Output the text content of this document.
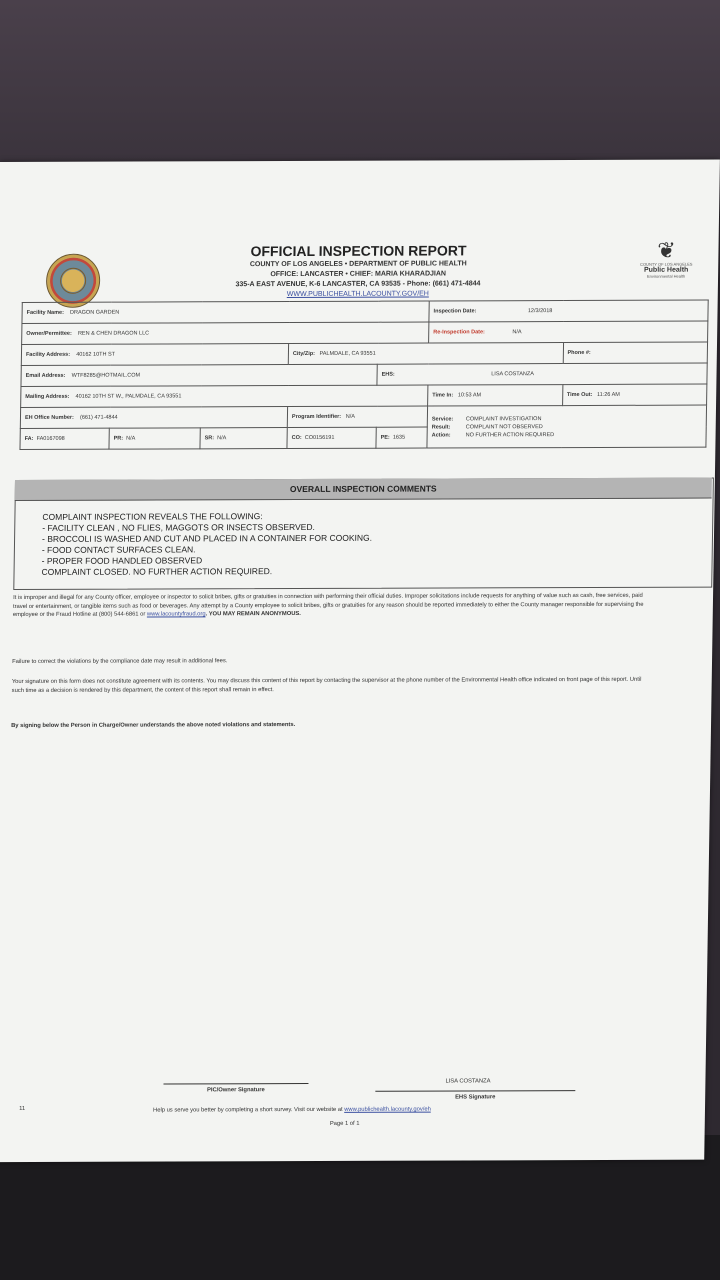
OFFICIAL INSPECTION REPORT
COUNTY OF LOS ANGELES • DEPARTMENT OF PUBLIC HEALTH
OFFICE: LANCASTER • CHIEF: MARIA KHARADJIAN
335-A EAST AVENUE, K-6 LANCASTER, CA 93535 - Phone: (661) 471-4844
WWW.PUBLICHEALTH.LACOUNTY.GOV/EH
❦
COUNTY OF LOS ANGELES
Public Health
Environmental Health
Facility Name: DRAGON GARDEN	Inspection Date:	12/3/2018
Owner/Permittee: REN & CHEN DRAGON LLC	Re-Inspection Date:	N/A
Facility Address: 40162 10TH ST	City/Zip: PALMDALE, CA 93551	Phone #:
Email Address: WTF8285@HOTMAIL.COM	EHS:	LISA COSTANZA
Mailing Address: 40162 10TH ST W., PALMDALE, CA 93551	Time In: 10:53 AM	Time Out: 11:26 AM
EH Office Number: (661) 471-4844	Program Identifier: N/A		Service:	COMPLAINT INVESTIGATION
Result:	COMPLAINT NOT OBSERVED
Action:	NO FURTHER ACTION REQUIRED

FA: FA0167098	PR: N/A	SR: N/A	CO: CO0156191	PE: 1635
OVERALL INSPECTION COMMENTS
COMPLAINT INSPECTION REVEALS THE FOLLOWING:
- FACILITY CLEAN , NO FLIES, MAGGOTS OR INSECTS OBSERVED.
- BROCCOLI IS WASHED AND CUT AND PLACED IN A CONTAINER FOR COOKING.
- FOOD CONTACT SURFACES CLEAN.
- PROPER FOOD HANDLED OBSERVED
COMPLAINT CLOSED. NO FURTHER ACTION REQUIRED.
It is improper and illegal for any County officer, employee or inspector to solicit bribes, gifts or gratuities in connection with performing their official duties. Improper solicitations include requests for anything of value such as cash, free services, paid travel or entertainment, or tangible items such as food or beverages. Any attempt by a County employee to solicit bribes, gifts or gratuities for any reason should be reported immediately to either the County manager responsible for supervising the employee or the Fraud Hotline at (800) 544-6861 or www.lacountyfraud.org. YOU MAY REMAIN ANONYMOUS.
Failure to correct the violations by the compliance date may result in additional fees.
Your signature on this form does not constitute agreement with its contents. You may discuss this content of this report by contacting the supervisor at the phone number of the Environmental Health office indicated on front page of this report. Until such time as a decision is rendered by this department, the content of this report shall remain in effect.
By signing below the Person in Charge/Owner understands the above noted violations and statements.
LISA COSTANZA
PIC/Owner Signature
EHS Signature
11	Help us serve you better by completing a short survey. Visit our website at www.publichealth.lacounty.gov/eh
Page 1 of 1
